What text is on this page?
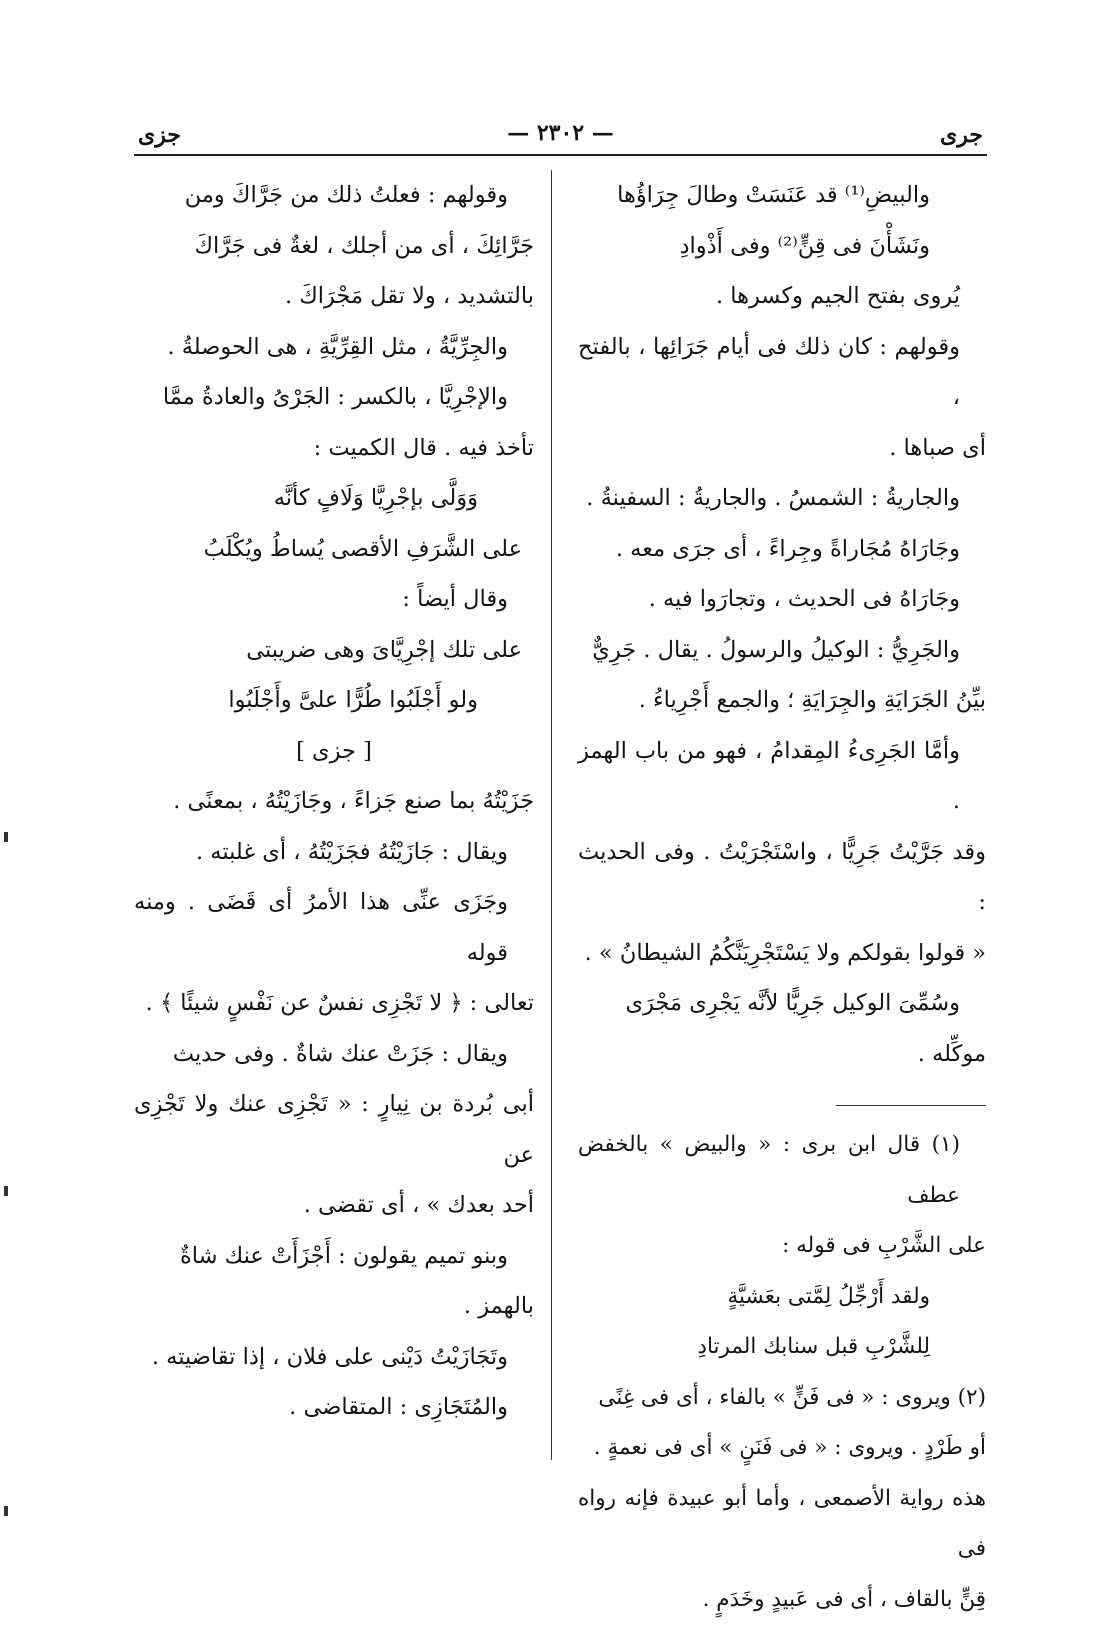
جرى
— ٢٣٠٢ —
جزى

والبيضِ⁽¹⁾ قد عَنَسَتْ وطالَ جِرَاؤُها

ونَشَأْنَ فى قِنٍّ⁽²⁾ وفى أَذْوادِ

يُروى بفتح الجيم وكسرها .

وقولهم : كان ذلك فى أيام جَرَائِها ، بالفتح ،

أى صباها .

والجاريةُ : الشمسُ . والجاريةُ : السفينةُ .

وجَارَاهُ مُجَاراةً وجِراءً ، أى جرَى معه .

وجَارَاهُ فى الحديث ، وتجارَوا فيه .

والجَرِيُّ : الوكيلُ والرسولُ . يقال . جَرِيٌّ

بيِّنُ الجَرَايَةِ والجِرَايَةِ ؛ والجمع أَجْرِياءُ .

وأمَّا الجَرِىءُ المِقدامُ ، فهو من باب الهمز .

وقد جَرَّيْتُ جَرِيًّا ، واسْتَجْرَيْتُ . وفى الحديث :

« قولوا بقولكم ولا يَسْتَجْرِيَنَّكُمُ الشيطانُ » .

وسُمِّىَ الوكيل جَرِيًّا لأنَّه يَجْرِى مَجْرَى

موكِّله .

(١) قال ابن برى : « والبيض » بالخفض عطف

على الشَّرْبِ فى قوله :

ولقد أَرْجِّلُ لِمَّتى بعَشيَّةٍ

لِلشَّرْبِ قبل سنابك المرتادِ

(٢) ويروى : « فى فَنٍّ » بالفاء ، أى فى غِنًى

أو طَرْدٍ . ويروى : « فى فَنَنٍ » أى فى نعمةٍ .

هذه رواية الأصمعى ، وأما أبو عبيدة فإنه رواه فى

قِنٍّ بالقاف ، أى فى عَبيدٍ وخَدَمٍ .

وقولهم : فعلتُ ذلك من جَرَّاكَ ومن

جَرَّائِكَ ، أى من أجلك ، لغةٌ فى جَرَّاكَ

بالتشديد ، ولا تقل مَجْرَاكَ .

والجِرِّيَّةُ ، مثل القِرِّيَّةِ ، هى الحوصلةُ .

والإجْرِيَّا ، بالكسر : الجَرْىُ والعادةُ ممَّا

تأخذ فيه . قال الكميت :

وَوَلَّى بإجْرِيَّا وَلَافٍ كأنَّه

على الشَّرَفِ الأقصى يُساطُ ويُكْلَبُ

وقال أيضاً :

على تلك إجْرِيَّاىَ وهى ضريبتى

ولو أَجْلَبُوا طُرًّا علىَّ وأَجْلَبُوا

[ جزى ]

جَزَيْتُهُ بما صنع جَزاءً ، وجَازَيْتُهُ ، بمعنًى .

ويقال : جَازَيْتُهُ فجَزَيْتُهُ ، أى غلبته .

وجَزَى عنِّى هذا الأمرُ أى قَضَى . ومنه قوله

تعالى : ﴿ لا تَجْزِى نفسٌ عن نَفْسٍ شيئًا ﴾ .

ويقال : جَزَتْ عنك شاةٌ . وفى حديث

أبى بُردة بن نِيارٍ : « تَجْزِى عنك ولا تَجْزِى عن

أحد بعدك » ، أى تقضى .

وبنو تميم يقولون : أَجْزَأَتْ عنك شاةٌ

بالهمز .

وتَجَازَيْتُ دَيْنى على فلان ، إذا تقاضيته .

والمُتَجَازِى : المتقاضى .
